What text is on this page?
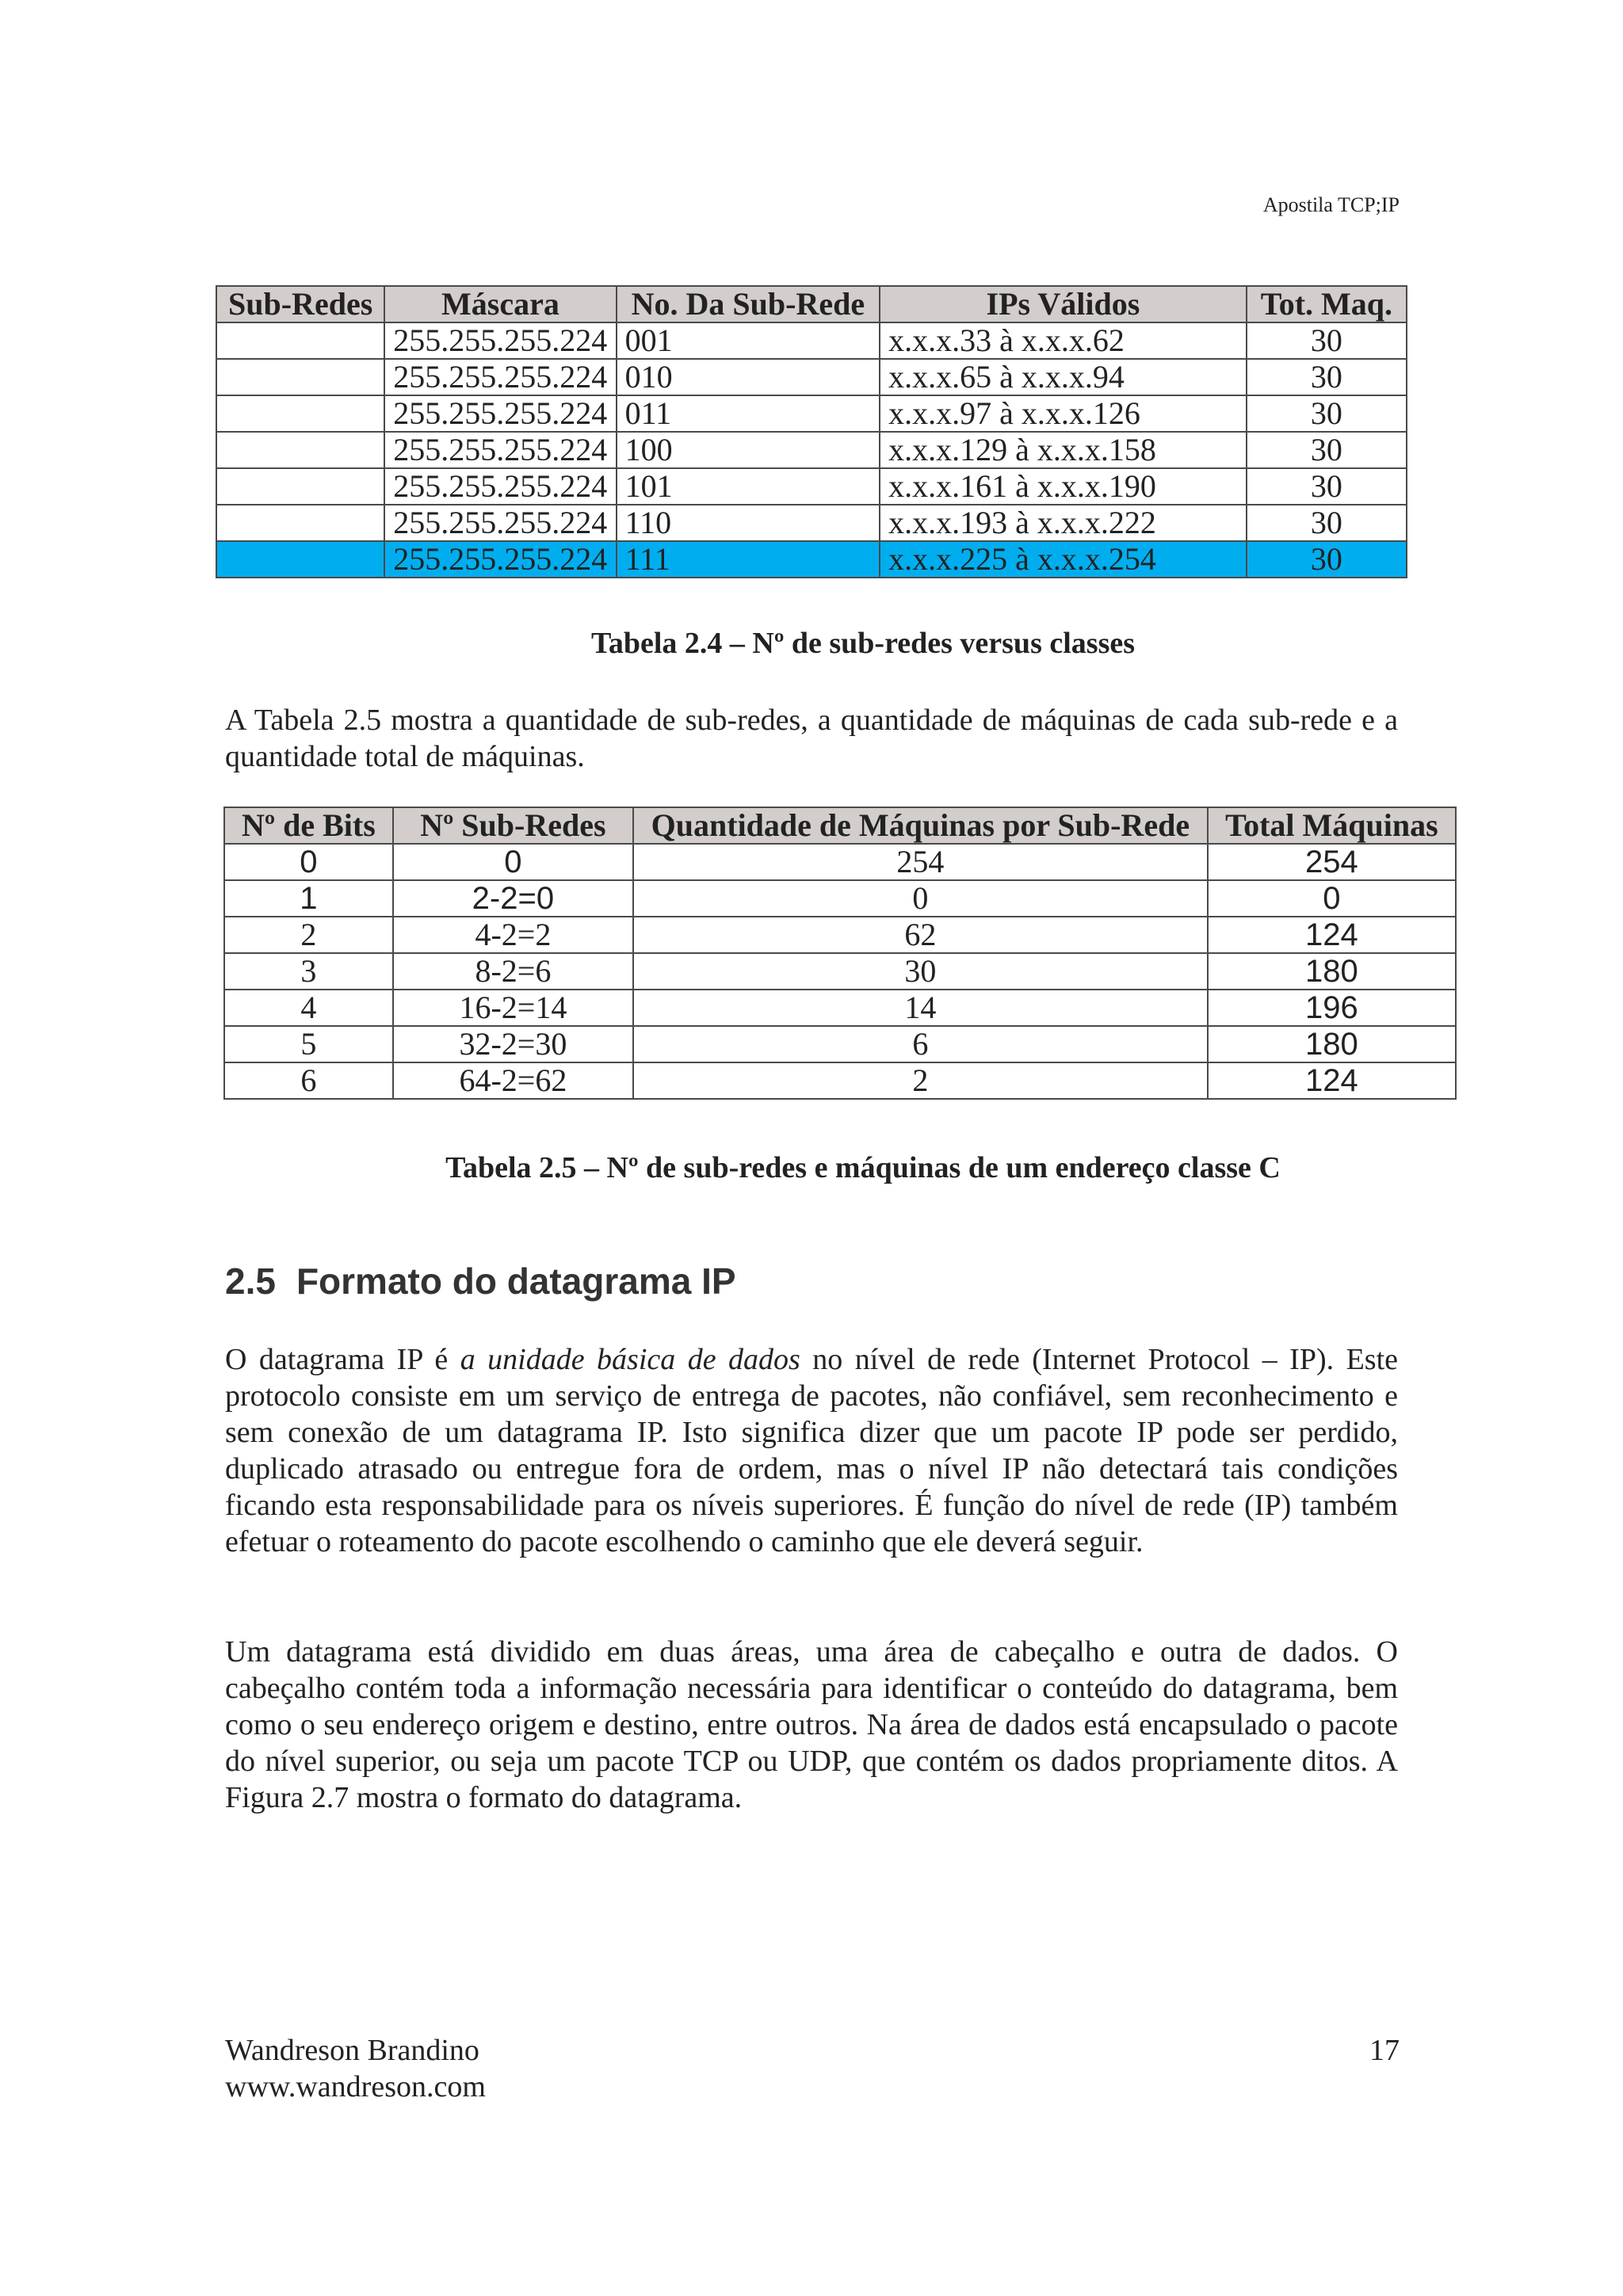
Apostila TCP;IP
Sub-Redes	Máscara	No. Da Sub-Rede	IPs Válidos	Tot. Maq.
	255.255.255.224	001	x.x.x.33 à x.x.x.62	30
	255.255.255.224	010	x.x.x.65 à x.x.x.94	30
	255.255.255.224	011	x.x.x.97 à x.x.x.126	30
	255.255.255.224	100	x.x.x.129 à x.x.x.158	30
	255.255.255.224	101	x.x.x.161 à x.x.x.190	30
	255.255.255.224	110	x.x.x.193 à x.x.x.222	30
	255.255.255.224	111	x.x.x.225 à x.x.x.254	30
Tabela 2.4 – Nº de sub-redes versus classes
A Tabela 2.5 mostra a quantidade de sub-redes, a quantidade de máquinas de cada sub-rede e a quantidade total de máquinas.
Nº de Bits	Nº Sub-Redes	Quantidade de Máquinas por Sub-Rede	Total Máquinas
0	0	254	254
1	2-2=0	0	0
2	4-2=2	62	124
3	8-2=6	30	180
4	16-2=14	14	196
5	32-2=30	6	180
6	64-2=62	2	124
Tabela 2.5 – Nº de sub-redes e máquinas de um endereço classe C
2.5 Formato do datagrama IP
O datagrama IP é a unidade básica de dados no nível de rede (Internet Protocol – IP). Este protocolo consiste em um serviço de entrega de pacotes, não confiável, sem reconhecimento e sem conexão de um datagrama IP. Isto significa dizer que um pacote IP pode ser perdido, duplicado atrasado ou entregue fora de ordem, mas o nível IP não detectará tais condições ficando esta responsabilidade para os níveis superiores. É função do nível de rede (IP) também efetuar o roteamento do pacote escolhendo o caminho que ele deverá seguir.
Um datagrama está dividido em duas áreas, uma área de cabeçalho e outra de dados. O cabeçalho contém toda a informação necessária para identificar o conteúdo do datagrama, bem como o seu endereço origem e destino, entre outros. Na área de dados está encapsulado o pacote do nível superior, ou seja um pacote TCP ou UDP, que contém os dados propriamente ditos. A Figura 2.7 mostra o formato do datagrama.
Wandreson Brandino
www.wandreson.com
17
